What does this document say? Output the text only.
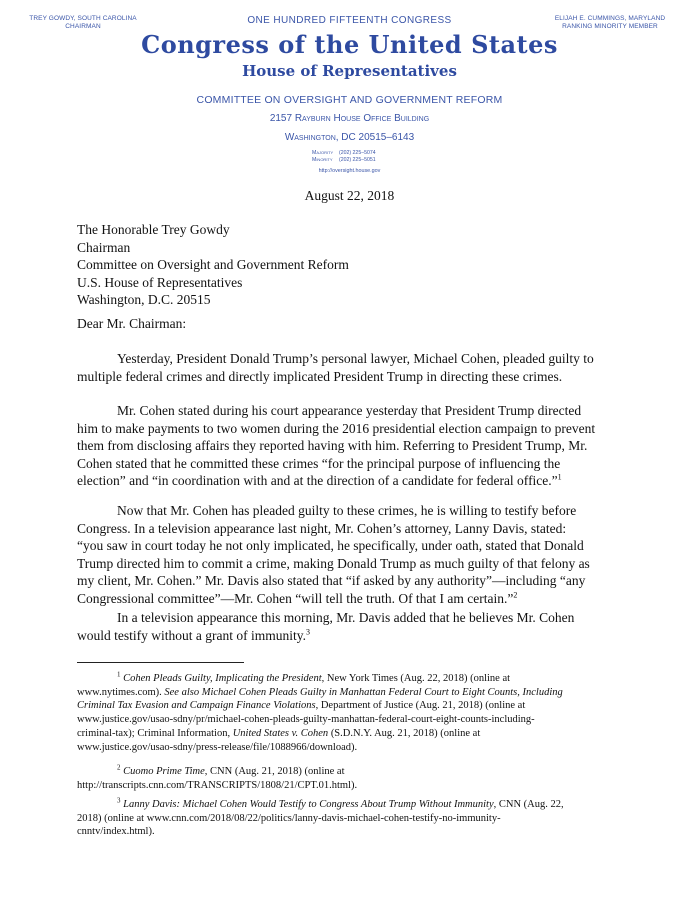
TREY GOWDY, SOUTH CAROLINA
CHAIRMAN
ELIJAH E. CUMMINGS, MARYLAND
RANKING MINORITY MEMBER
ONE HUNDRED FIFTEENTH CONGRESS
Congress of the United States
House of Representatives
COMMITTEE ON OVERSIGHT AND GOVERNMENT REFORM
2157 Rayburn House Office Building
Washington, DC 20515–6143
Majority (202) 225–5074
Minority (202) 225–5051
http://oversight.house.gov
August 22, 2018
The Honorable Trey Gowdy
Chairman
Committee on Oversight and Government Reform
U.S. House of Representatives
Washington, D.C. 20515
Dear Mr. Chairman:
Yesterday, President Donald Trump’s personal lawyer, Michael Cohen, pleaded guilty to
multiple federal crimes and directly implicated President Trump in directing these crimes.
Mr. Cohen stated during his court appearance yesterday that President Trump directed
him to make payments to two women during the 2016 presidential election campaign to prevent
them from disclosing affairs they reported having with him. Referring to President Trump, Mr.
Cohen stated that he committed these crimes “for the principal purpose of influencing the
election” and “in coordination with and at the direction of a candidate for federal office.”$^1$
Now that Mr. Cohen has pleaded guilty to these crimes, he is willing to testify before
Congress. In a television appearance last night, Mr. Cohen’s attorney, Lanny Davis, stated:
“you saw in court today he not only implicated, he specifically, under oath, stated that Donald
Trump directed him to commit a crime, making Donald Trump as much guilty of that felony as
my client, Mr. Cohen.” Mr. Davis also stated that “if asked by any authority”—including “any
Congressional committee”—Mr. Cohen “will tell the truth. Of that I am certain.”$^2$
In a television appearance this morning, Mr. Davis added that he believes Mr. Cohen
would testify without a grant of immunity.$^3$
$^1$ Cohen Pleads Guilty, Implicating the President, New York Times (Aug. 22, 2018) (online at
www.nytimes.com). See also Michael Cohen Pleads Guilty in Manhattan Federal Court to Eight Counts, Including
Criminal Tax Evasion and Campaign Finance Violations, Department of Justice (Aug. 21, 2018) (online at
www.justice.gov/usao-sdny/pr/michael-cohen-pleads-guilty-manhattan-federal-court-eight-counts-including-
criminal-tax); Criminal Information, United States v. Cohen (S.D.N.Y. Aug. 21, 2018) (online at
www.justice.gov/usao-sdny/press-release/file/1088966/download).
$^2$ Cuomo Prime Time, CNN (Aug. 21, 2018) (online at
http://transcripts.cnn.com/TRANSCRIPTS/1808/21/CPT.01.html).
$^3$ Lanny Davis: Michael Cohen Would Testify to Congress About Trump Without Immunity, CNN (Aug. 22,
2018) (online at www.cnn.com/2018/08/22/politics/lanny-davis-michael-cohen-testify-no-immunity-
cnntv/index.html).
